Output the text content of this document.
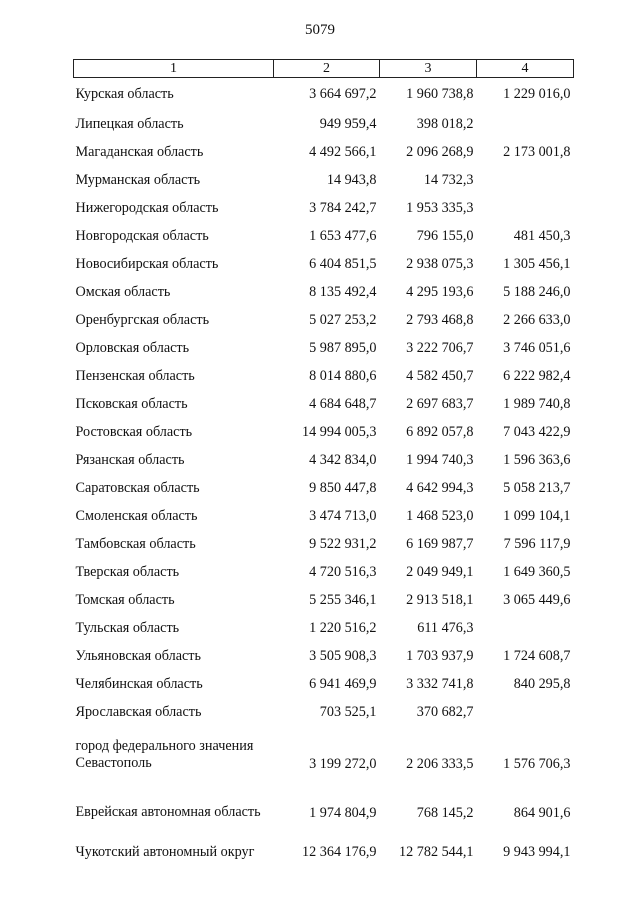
5079
1	2	3	4
Курская область	3 664 697,2	1 960 738,8	1 229 016,0
Липецкая область	949 959,4	398 018,2	
Магаданская область	4 492 566,1	2 096 268,9	2 173 001,8
Мурманская область	14 943,8	14 732,3	
Нижегородская область	3 784 242,7	1 953 335,3	
Новгородская область	1 653 477,6	796 155,0	481 450,3
Новосибирская область	6 404 851,5	2 938 075,3	1 305 456,1
Омская область	8 135 492,4	4 295 193,6	5 188 246,0
Оренбургская область	5 027 253,2	2 793 468,8	2 266 633,0
Орловская область	5 987 895,0	3 222 706,7	3 746 051,6
Пензенская область	8 014 880,6	4 582 450,7	6 222 982,4
Псковская область	4 684 648,7	2 697 683,7	1 989 740,8
Ростовская область	14 994 005,3	6 892 057,8	7 043 422,9
Рязанская область	4 342 834,0	1 994 740,3	1 596 363,6
Саратовская область	9 850 447,8	4 642 994,3	5 058 213,7
Смоленская область	3 474 713,0	1 468 523,0	1 099 104,1
Тамбовская область	9 522 931,2	6 169 987,7	7 596 117,9
Тверская область	4 720 516,3	2 049 949,1	1 649 360,5
Томская область	5 255 346,1	2 913 518,1	3 065 449,6
Тульская область	1 220 516,2	611 476,3	
Ульяновская область	3 505 908,3	1 703 937,9	1 724 608,7
Челябинская область	6 941 469,9	3 332 741,8	840 295,8
Ярославская область	703 525,1	370 682,7	
город федерального значения Севастополь	3 199 272,0	2 206 333,5	1 576 706,3
Еврейская автономная область	1 974 804,9	768 145,2	864 901,6
Чукотский автономный округ	12 364 176,9	12 782 544,1	9 943 994,1
